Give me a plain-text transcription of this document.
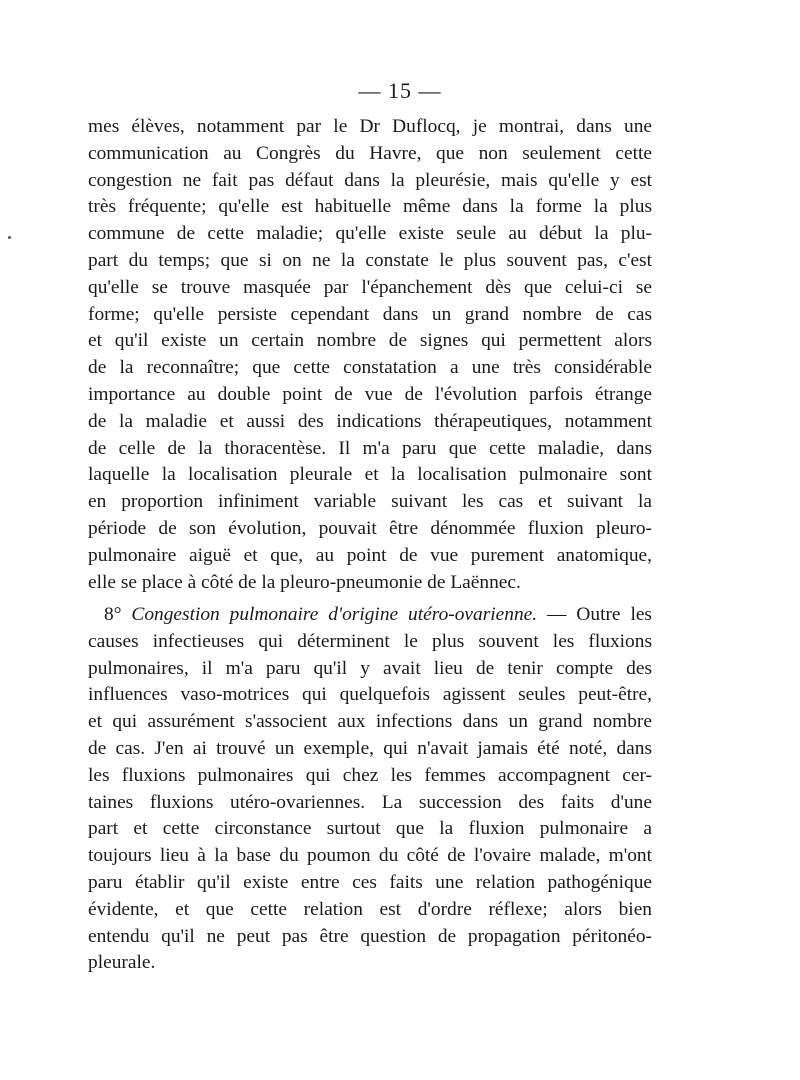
— 15 —
mes élèves, notamment par le Dr Duflocq, je montrai, dans une
communication au Congrès du Havre, que non seulement cette
congestion ne fait pas défaut dans la pleurésie, mais qu'elle y est
très fréquente; qu'elle est habituelle même dans la forme la plus
commune de cette maladie; qu'elle existe seule au début la plu-
part du temps; que si on ne la constate le plus souvent pas, c'est
qu'elle se trouve masquée par l'épanchement dès que celui-ci se
forme; qu'elle persiste cependant dans un grand nombre de cas
et qu'il existe un certain nombre de signes qui permettent alors
de la reconnaître; que cette constatation a une très considérable
importance au double point de vue de l'évolution parfois étrange
de la maladie et aussi des indications thérapeutiques, notamment
de celle de la thoracentèse. Il m'a paru que cette maladie, dans
laquelle la localisation pleurale et la localisation pulmonaire sont
en proportion infiniment variable suivant les cas et suivant la
période de son évolution, pouvait être dénommée fluxion pleuro-
pulmonaire aiguë et que, au point de vue purement anatomique,
elle se place à côté de la pleuro-pneumonie de Laënnec.
8° Congestion pulmonaire d'origine utéro-ovarienne. — Outre les
causes infectieuses qui déterminent le plus souvent les fluxions
pulmonaires, il m'a paru qu'il y avait lieu de tenir compte des
influences vaso-motrices qui quelquefois agissent seules peut-être,
et qui assurément s'associent aux infections dans un grand nombre
de cas. J'en ai trouvé un exemple, qui n'avait jamais été noté, dans
les fluxions pulmonaires qui chez les femmes accompagnent cer-
taines fluxions utéro-ovariennes. La succession des faits d'une
part et cette circonstance surtout que la fluxion pulmonaire a
toujours lieu à la base du poumon du côté de l'ovaire malade, m'ont
paru établir qu'il existe entre ces faits une relation pathogénique
évidente, et que cette relation est d'ordre réflexe; alors bien
entendu qu'il ne peut pas être question de propagation péritonéo-
pleurale.
